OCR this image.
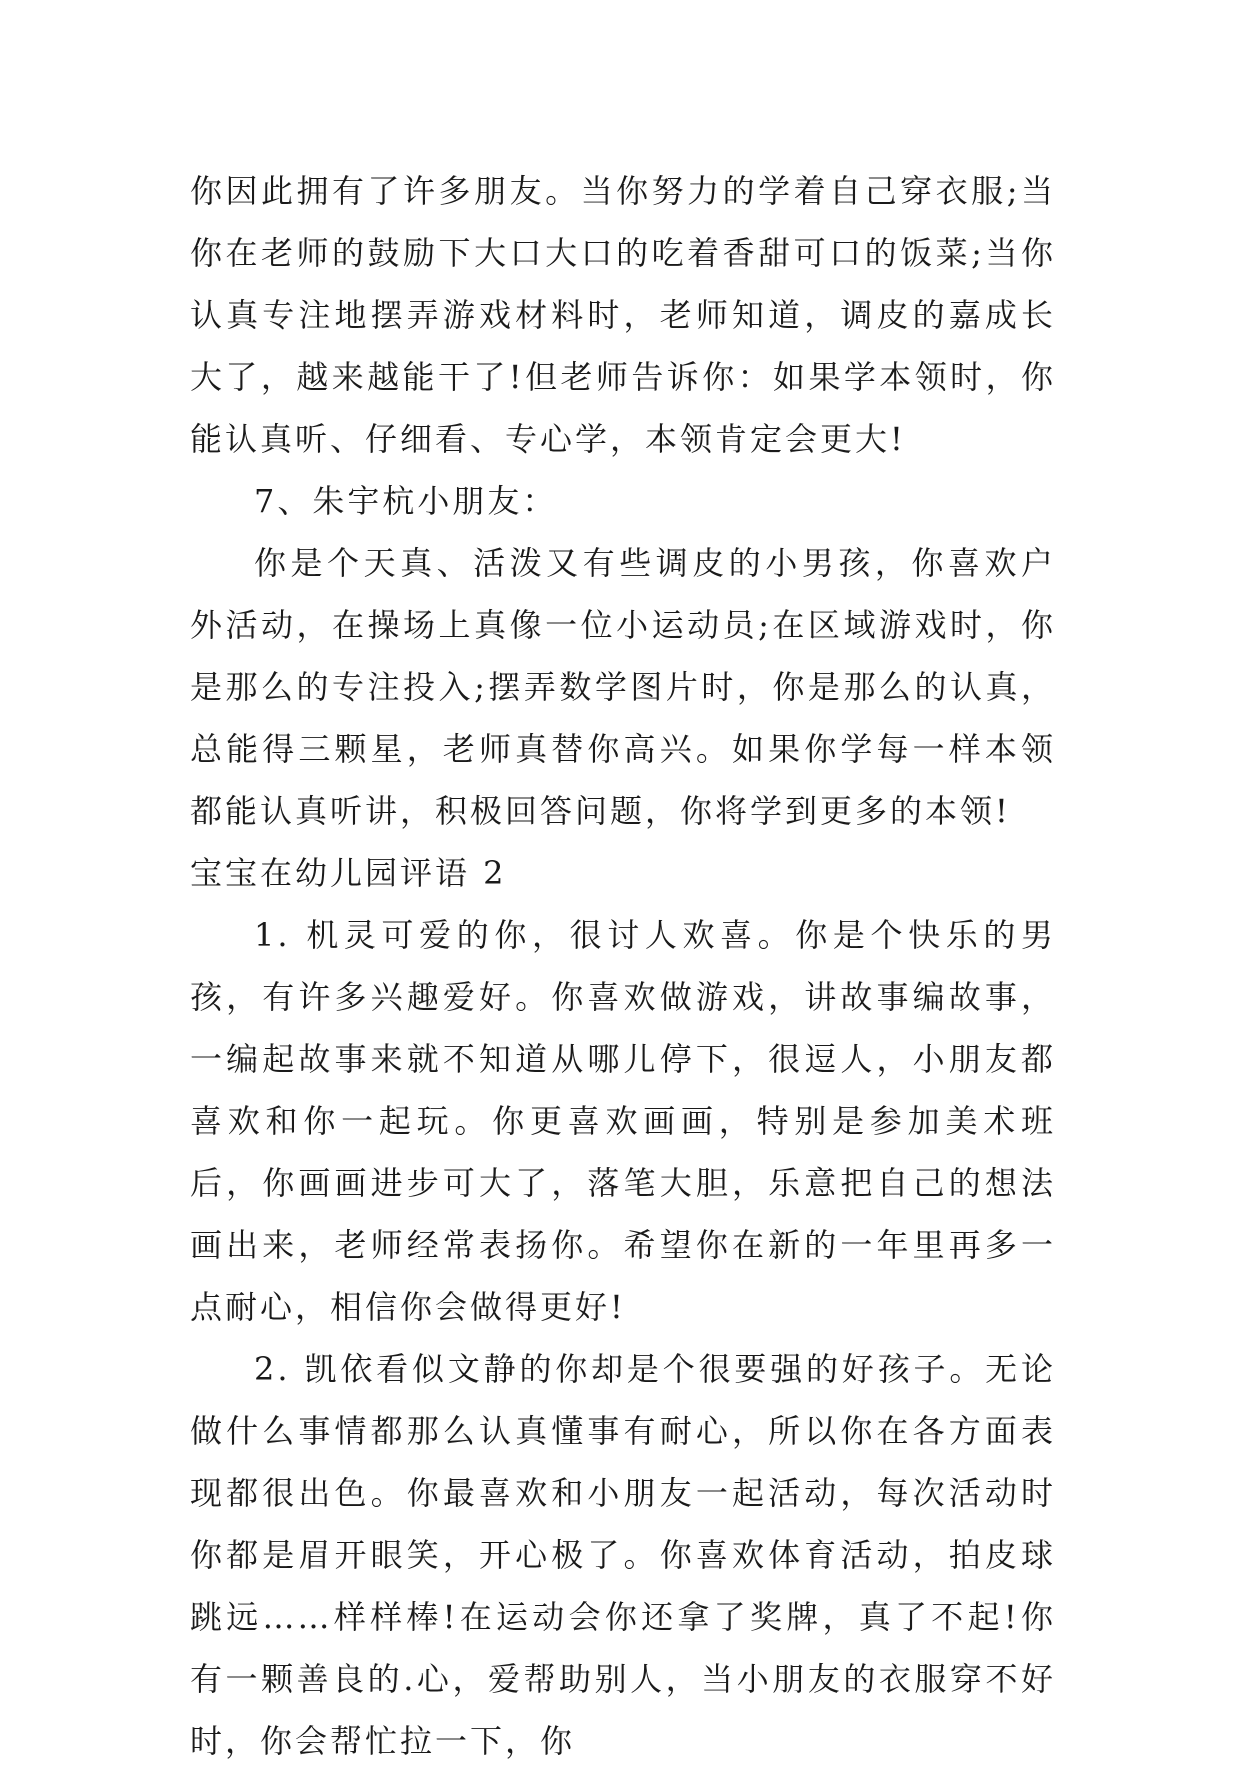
你因此拥有了许多朋友。当你努力的学着自己穿衣服;当你在老师的鼓励下大口大口的吃着香甜可口的饭菜;当你认真专注地摆弄游戏材料时，老师知道，调皮的嘉成长大了，越来越能干了!但老师告诉你：如果学本领时，你能认真听、仔细看、专心学，本领肯定会更大!

7、朱宇杭小朋友：

你是个天真、活泼又有些调皮的小男孩，你喜欢户外活动，在操场上真像一位小运动员;在区域游戏时，你是那么的专注投入;摆弄数学图片时，你是那么的认真，总能得三颗星，老师真替你高兴。如果你学每一样本领都能认真听讲，积极回答问题，你将学到更多的本领!

宝宝在幼儿园评语 2

1. 机灵可爱的你，很讨人欢喜。你是个快乐的男孩，有许多兴趣爱好。你喜欢做游戏，讲故事编故事，一编起故事来就不知道从哪儿停下，很逗人，小朋友都喜欢和你一起玩。你更喜欢画画，特别是参加美术班后，你画画进步可大了，落笔大胆，乐意把自己的想法画出来，老师经常表扬你。希望你在新的一年里再多一点耐心，相信你会做得更好!

2. 凯依看似文静的你却是个很要强的好孩子。无论做什么事情都那么认真懂事有耐心，所以你在各方面表现都很出色。你最喜欢和小朋友一起活动，每次活动时你都是眉开眼笑，开心极了。你喜欢体育活动，拍皮球跳远……样样棒!在运动会你还拿了奖牌，真了不起!你有一颗善良的.心，爱帮助别人，当小朋友的衣服穿不好时，你会帮忙拉一下，你
